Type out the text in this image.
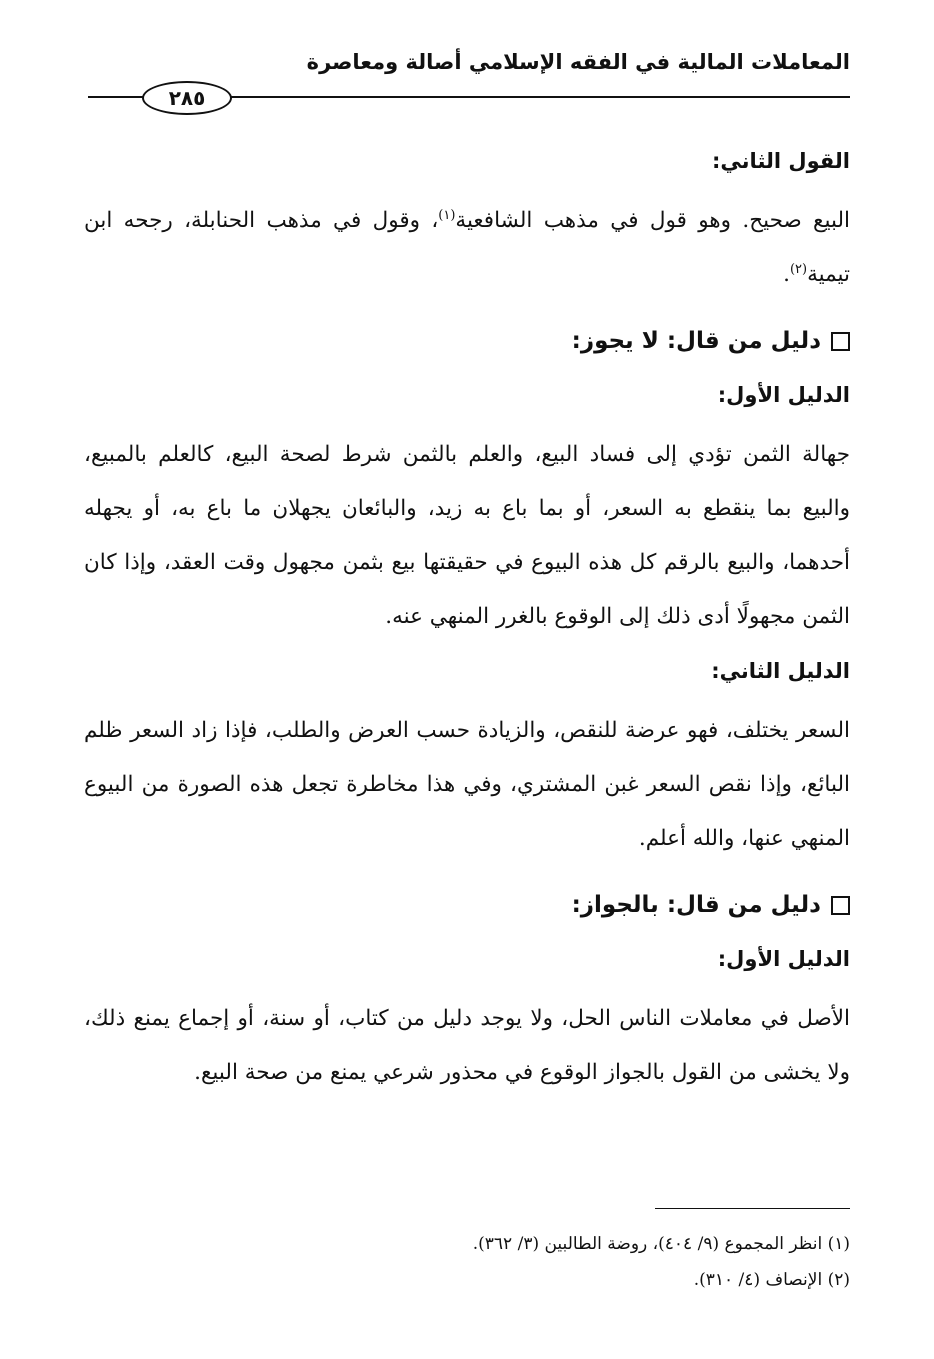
المعاملات المالية في الفقه الإسلامي أصالة ومعاصرة
٢٨٥

القول الثاني:

البيع صحيح. وهو قول في مذهب الشافعية$^{(١)}$، وقول في مذهب الحنابلة، رجحه ابن تيمية$^{(٢)}$.

دليل من قال: لا يجوز:

الدليل الأول:

جهالة الثمن تؤدي إلى فساد البيع، والعلم بالثمن شرط لصحة البيع، كالعلم بالمبيع، والبيع بما ينقطع به السعر، أو بما باع به زيد، والبائعان يجهلان ما باع به، أو يجهله أحدهما، والبيع بالرقم كل هذه البيوع في حقيقتها بيع بثمن مجهول وقت العقد، وإذا كان الثمن مجهولًا أدى ذلك إلى الوقوع بالغرر المنهي عنه.

الدليل الثاني:

السعر يختلف، فهو عرضة للنقص، والزيادة حسب العرض والطلب، فإذا زاد السعر ظلم البائع، وإذا نقص السعر غبن المشتري، وفي هذا مخاطرة تجعل هذه الصورة من البيوع المنهي عنها، والله أعلم.

دليل من قال: بالجواز:

الدليل الأول:

الأصل في معاملات الناس الحل، ولا يوجد دليل من كتاب، أو سنة، أو إجماع يمنع ذلك، ولا يخشى من القول بالجواز الوقوع في محذور شرعي يمنع من صحة البيع.

(١) انظر المجموع (٩/ ٤٠٤)، روضة الطالبين (٣/ ٣٦٢).
(٢) الإنصاف (٤/ ٣١٠).
